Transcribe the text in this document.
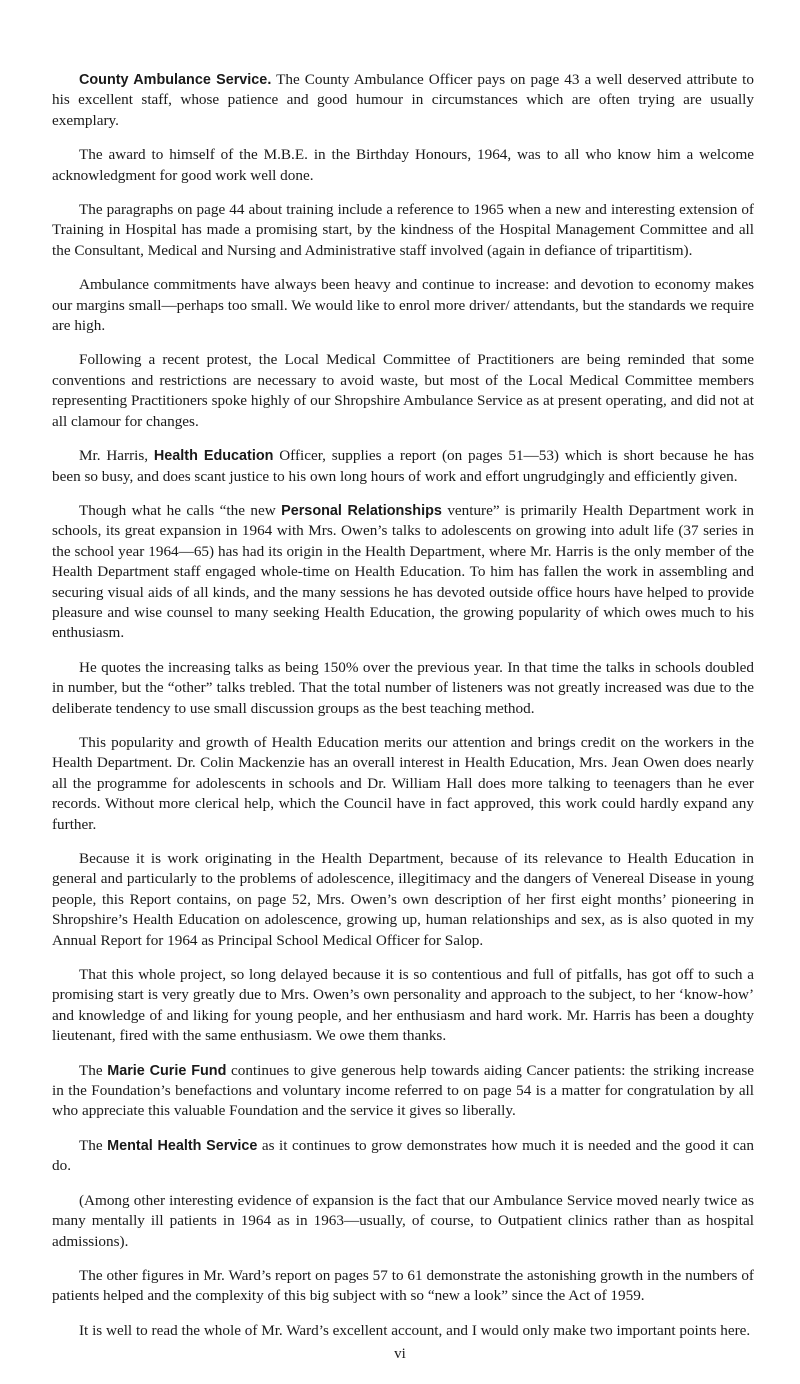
County Ambulance Service. The County Ambulance Officer pays on page 43 a well deserved attribute to his excellent staff, whose patience and good humour in circumstances which are often trying are usually exemplary.

The award to himself of the M.B.E. in the Birthday Honours, 1964, was to all who know him a welcome acknowledgment for good work well done.

The paragraphs on page 44 about training include a reference to 1965 when a new and interesting extension of Training in Hospital has made a promising start, by the kindness of the Hospital Management Committee and all the Consultant, Medical and Nursing and Administrative staff involved (again in defiance of tripartitism).

Ambulance commitments have always been heavy and continue to increase: and devotion to economy makes our margins small—perhaps too small. We would like to enrol more driver/ attendants, but the standards we require are high.

Following a recent protest, the Local Medical Committee of Practitioners are being reminded that some conventions and restrictions are necessary to avoid waste, but most of the Local Medical Committee members representing Practitioners spoke highly of our Shropshire Ambulance Service as at present operating, and did not at all clamour for changes.

Mr. Harris, Health Education Officer, supplies a report (on pages 51—53) which is short because he has been so busy, and does scant justice to his own long hours of work and effort ungrudgingly and efficiently given.

Though what he calls “the new Personal Relationships venture” is primarily Health Department work in schools, its great expansion in 1964 with Mrs. Owen’s talks to adolescents on growing into adult life (37 series in the school year 1964—65) has had its origin in the Health Department, where Mr. Harris is the only member of the Health Department staff engaged whole-time on Health Education. To him has fallen the work in assembling and securing visual aids of all kinds, and the many sessions he has devoted outside office hours have helped to provide pleasure and wise counsel to many seeking Health Education, the growing popularity of which owes much to his enthusiasm.

He quotes the increasing talks as being 150% over the previous year. In that time the talks in schools doubled in number, but the “other” talks trebled. That the total number of listeners was not greatly increased was due to the deliberate tendency to use small discussion groups as the best teaching method.

This popularity and growth of Health Education merits our attention and brings credit on the workers in the Health Department. Dr. Colin Mackenzie has an overall interest in Health Education, Mrs. Jean Owen does nearly all the programme for adolescents in schools and Dr. William Hall does more talking to teenagers than he ever records. Without more clerical help, which the Council have in fact approved, this work could hardly expand any further.

Because it is work originating in the Health Department, because of its relevance to Health Education in general and particularly to the problems of adolescence, illegitimacy and the dangers of Venereal Disease in young people, this Report contains, on page 52, Mrs. Owen’s own description of her first eight months’ pioneering in Shropshire’s Health Education on adolescence, growing up, human relationships and sex, as is also quoted in my Annual Report for 1964 as Principal School Medical Officer for Salop.

That this whole project, so long delayed because it is so contentious and full of pitfalls, has got off to such a promising start is very greatly due to Mrs. Owen’s own personality and approach to the subject, to her ‘know-how’ and knowledge of and liking for young people, and her enthusiasm and hard work. Mr. Harris has been a doughty lieutenant, fired with the same enthusiasm. We owe them thanks.

The Marie Curie Fund continues to give generous help towards aiding Cancer patients: the striking increase in the Foundation’s benefactions and voluntary income referred to on page 54 is a matter for congratulation by all who appreciate this valuable Foundation and the service it gives so liberally.

The Mental Health Service as it continues to grow demonstrates how much it is needed and the good it can do.

(Among other interesting evidence of expansion is the fact that our Ambulance Service moved nearly twice as many mentally ill patients in 1964 as in 1963—usually, of course, to Outpatient clinics rather than as hospital admissions).

The other figures in Mr. Ward’s report on pages 57 to 61 demonstrate the astonishing growth in the numbers of patients helped and the complexity of this big subject with so “new a look” since the Act of 1959.

It is well to read the whole of Mr. Ward’s excellent account, and I would only make two important points here.

vi
